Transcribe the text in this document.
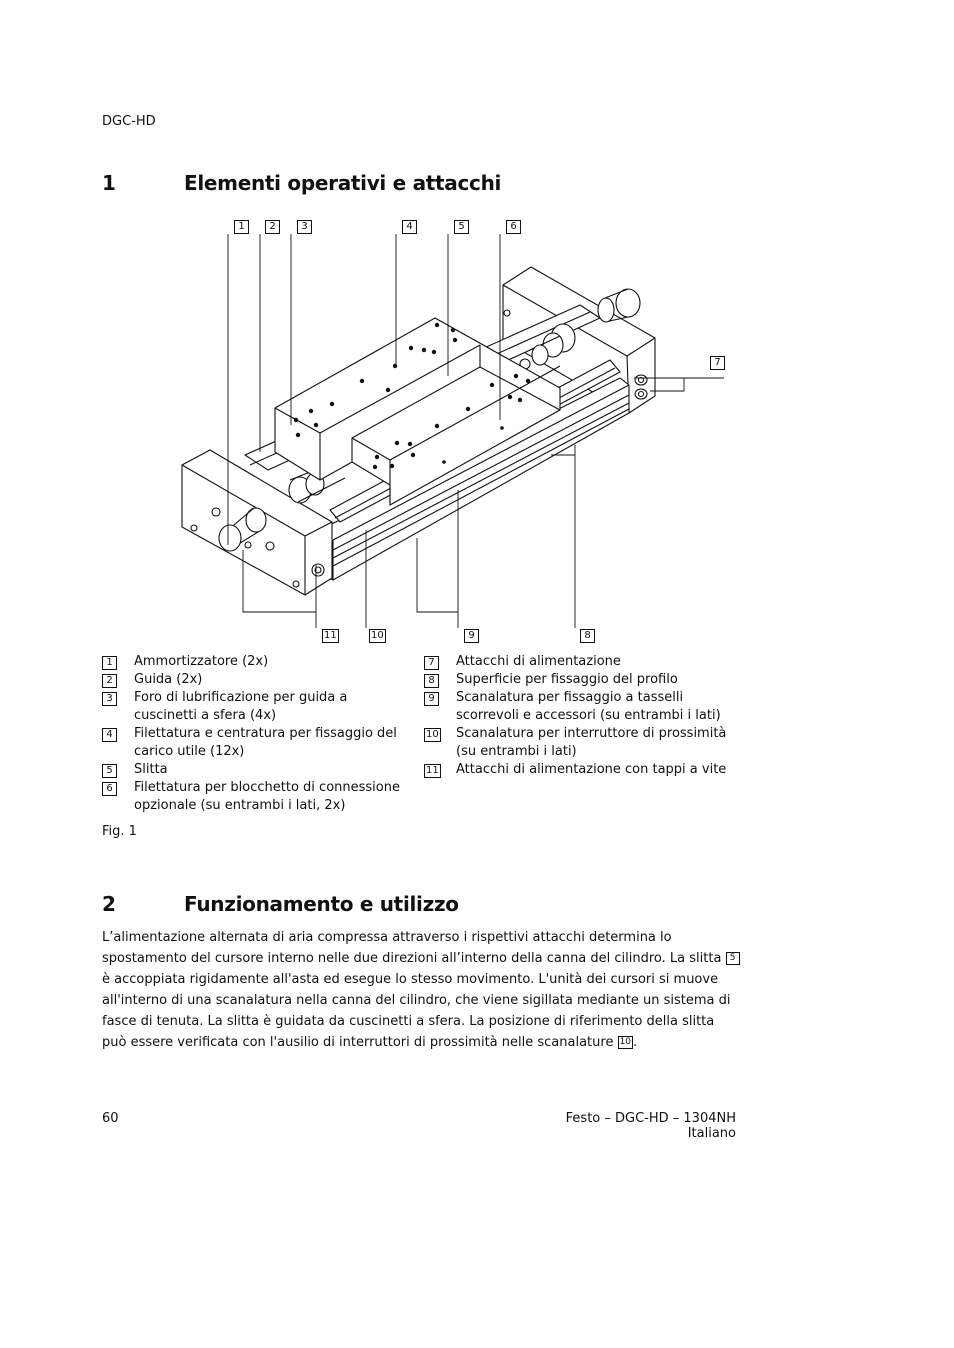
DGC-HD
1	Elementi operativi e attacchi
1	2	3	4	5	6
7
8
9
10
11
1	Ammortizzatore (2x)
2	Guida (2x)
3	Foro di lubrificazione per guida a cuscinetti a sfera (4x)
4	Filettatura e centratura per fissaggio del carico utile (12x)
5	Slitta
6	Filettatura per blocchetto di connessione opzionale (su entrambi i lati, 2x)
7	Attacchi di alimentazione
8	Superficie per fissaggio del profilo
9	Scanalatura per fissaggio a tasselli scorrevoli e accessori (su entrambi i lati)
10 Scanalatura per interruttore di prossimità (su entrambi i lati)
11 Attacchi di alimentazione con tappi a vite
Fig. 1
2	Funzionamento e utilizzo
L’alimentazione alternata di aria compressa attraverso i rispettivi attacchi determina lo spostamento del cursore interno nelle due direzioni all’interno della canna del cilindro. La slitta 5 è accoppiata rigidamente all'asta ed esegue lo stesso movimento. L'unità dei cursori si muove all'interno di una scanalatura nella canna del cilindro, che viene sigillata mediante un sistema di fasce di tenuta. La slitta è guidata da cuscinetti a sfera. La posizione di riferimento della slitta può essere verificata con l'ausilio di interruttori di prossimità nelle scanalature 10 .
60	Festo – DGC-HD – 1304NH Italiano
